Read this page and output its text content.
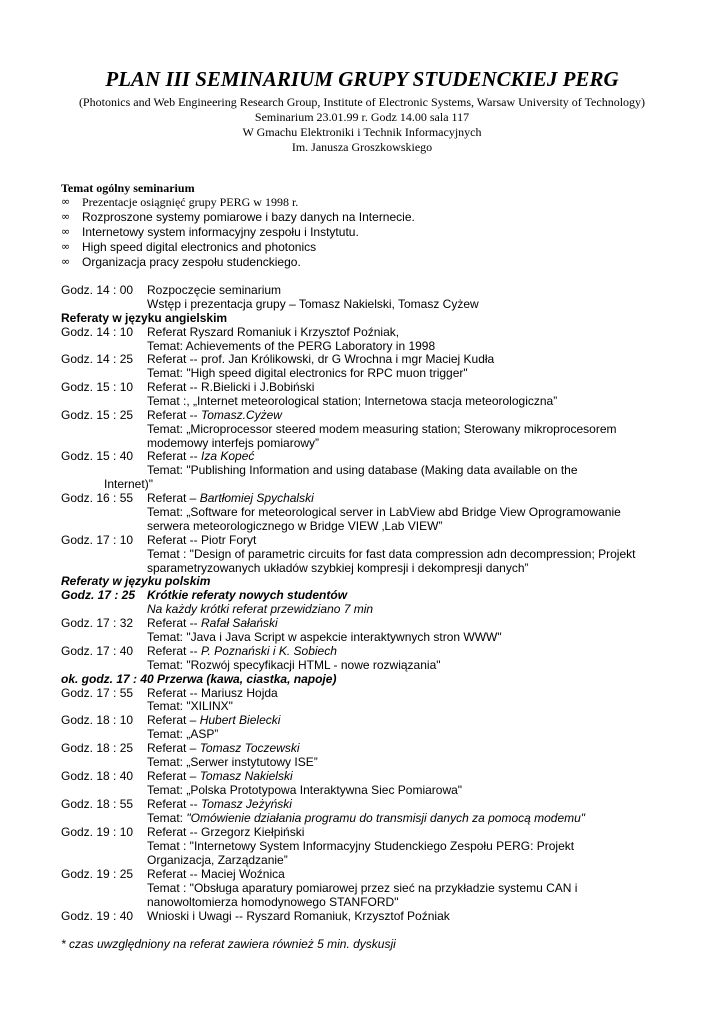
PLAN III SEMINARIUM GRUPY STUDENCKIEJ PERG
(Photonics and Web Engineering Research Group, Institute of Electronic Systems, Warsaw University of Technology)
Seminarium 23.01.99 r. Godz 14.00 sala 117
W Gmachu Elektroniki i Technik Informacyjnych
Im. Janusza Groszkowskiego
Temat ogólny seminarium
∞ Prezentacje osiągnięć grupy PERG w 1998 r.
∞ Rozproszone systemy pomiarowe i bazy danych na Internecie.
∞ Internetowy system informacyjny zespołu i Instytutu.
∞ High speed digital electronics and photonics
∞ Organizacja pracy zespołu studenckiego.
Godz. 14 : 00 Rozpoczęcie seminarium
Wstęp i prezentacja grupy – Tomasz Nakielski, Tomasz Cyżew
Referaty w języku angielskim
Godz. 14 : 10 Referat Ryszard Romaniuk i Krzysztof Poźniak,
Temat: Achievements of the PERG Laboratory in 1998
Godz. 14 : 25 Referat -- prof. Jan Królikowski, dr G Wrochna i mgr Maciej Kudła
Temat: "High speed digital electronics for RPC muon trigger"
Godz. 15 : 10 Referat -- R.Bielicki i J.Bobiński
Temat :, „Internet meteorological station; Internetowa stacja meteorologiczna”
Godz. 15 : 25 Referat -- Tomasz.Cyżew
Temat: „Microprocessor steered modem measuring station; Sterowany mikroprocesorem
modemowy interfejs pomiarowy”
Godz. 15 : 40 Referat -- Iza Kopeć
Temat: "Publishing Information and using database (Making data available on the
Internet)"
Godz. 16 : 55 Referat – Bartłomiej Spychalski
Temat: „Software for meteorological server in LabView abd Bridge View Oprogramowanie
serwera meteorologicznego w Bridge VIEW ‚Lab VIEW”
Godz. 17 : 10 Referat -- Piotr Foryt
Temat : "Design of parametric circuits for fast data compression adn decompression; Projekt
sparametryzowanych układów szybkiej kompresji i dekompresji danych”
Referaty w języku polskim
Godz. 17 : 25 Krótkie referaty nowych studentów
Na każdy krótki referat przewidziano 7 min
Godz. 17 : 32 Referat -- Rafał Sałański
Temat: "Java i Java Script w aspekcie interaktywnych stron WWW"
Godz. 17 : 40 Referat -- P. Poznański i K. Sobiech
Temat: "Rozwój specyfikacji HTML - nowe rozwiązania"
ok. godz. 17 : 40 Przerwa (kawa, ciastka, napoje)
Godz. 17 : 55 Referat -- Mariusz Hojda
Temat: "XILINX"
Godz. 18 : 10 Referat – Hubert Bielecki
Temat: „ASP”
Godz. 18 : 25 Referat – Tomasz Toczewski
Temat: „Serwer instytutowy ISE”
Godz. 18 : 40 Referat – Tomasz Nakielski
Temat: „Polska Prototypowa Interaktywna Siec Pomiarowa"
Godz. 18 : 55 Referat -- Tomasz Jeżyński
Temat: "Omówienie działania programu do transmisji danych za pomocą modemu"
Godz. 19 : 10 Referat -- Grzegorz Kiełpiński
Temat : "Internetowy System Informacyjny Studenckiego Zespołu PERG: Projekt
Organizacja, Zarządzanie”
Godz. 19 : 25 Referat -- Maciej Woźnica
Temat : "Obsługa aparatury pomiarowej przez sieć na przykładzie systemu CAN i
nanowoltomierza homodynowego STANFORD"
Godz. 19 : 40 Wnioski i Uwagi -- Ryszard Romaniuk, Krzysztof Poźniak
* czas uwzględniony na referat zawiera również 5 min. dyskusji
